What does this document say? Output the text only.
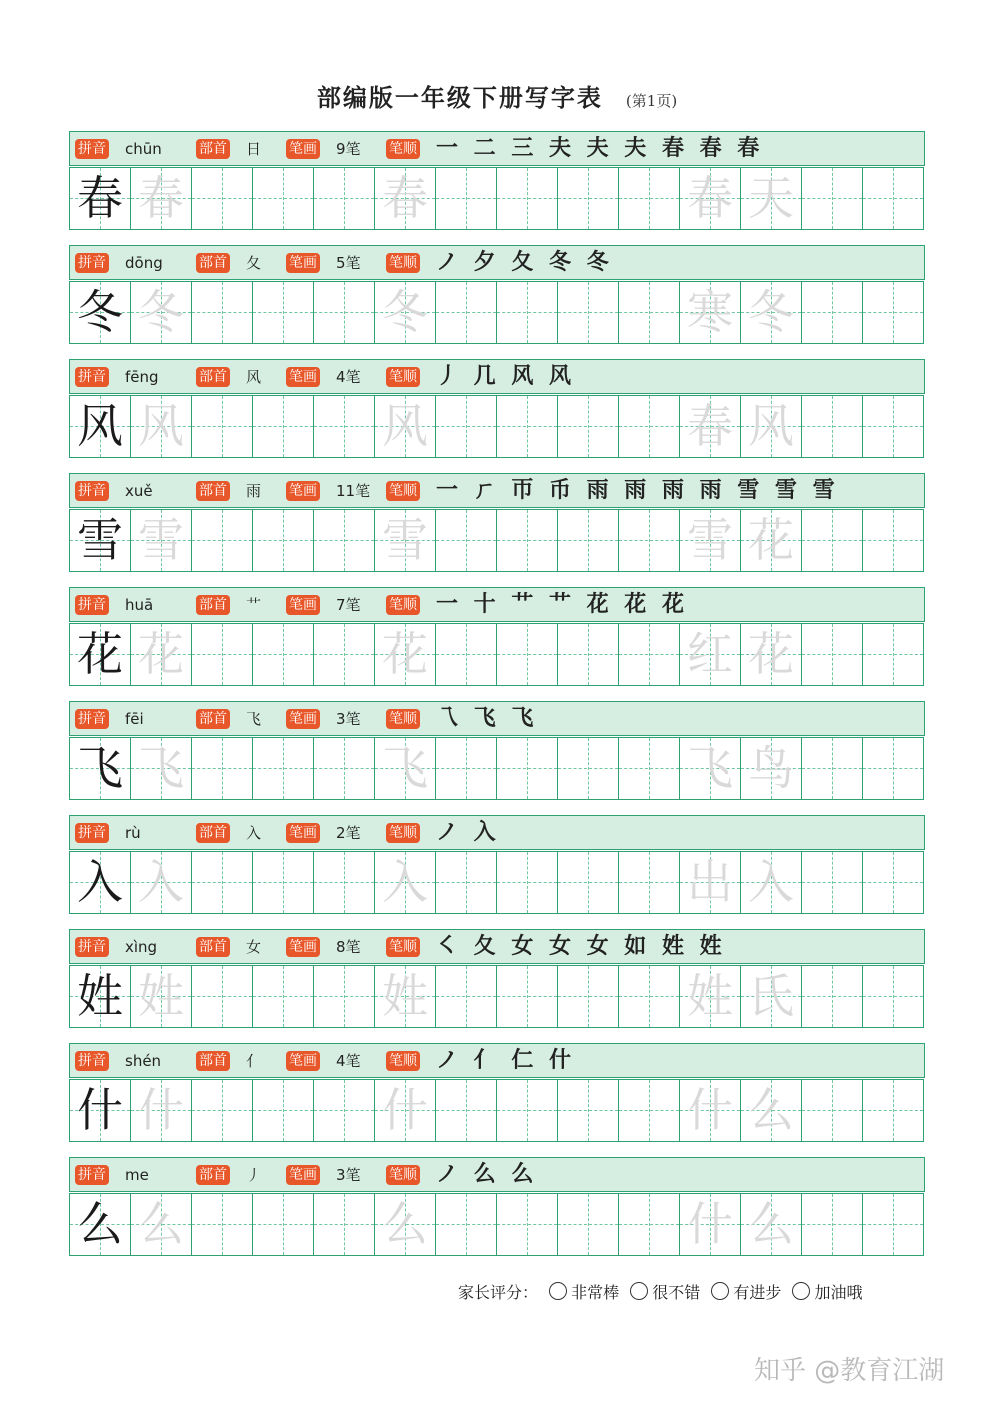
部编版一年级下册写字表 (第1页)
拼音	部首	笔画	笔顺
chūn	日	9笔	一 二 三 夫 夫 夫 春 春 春
春 春	春	春 天
拼音	部首	笔画	笔顺
dōng	夂	5笔	ノ 夕 夂 冬 冬
冬 冬	冬	寒 冬
拼音	部首	笔画	笔顺
fēng	风	4笔	丿 几 风 风
风 风	风	春 风
拼音	部首	笔画	笔顺
xuě	雨	11笔	一 ㄏ 帀 币 雨 雨 雨 雨 雪 雪 雪
雪 雪	雪	雪 花
拼音	部首	笔画	笔顺
huā	艹	7笔	一 十 艹 艹 花 花 花
花 花	花	红 花
拼音	部首	笔画	笔顺
fēi	飞	3笔	乁 飞 飞
飞 飞	飞	飞 鸟
拼音	部首	笔画	笔顺
rù	入	2笔	ノ 入
入 入	入	出 入
拼音	部首	笔画	笔顺
xìng	女	8笔	㇛ 夂 女 女 女 如 姓 姓
姓 姓	姓	姓 氏
拼音	部首	笔画	笔顺
shén	亻	4笔	ノ 亻 仁 什
什 什	什	什 么
拼音	部首	笔画	笔顺
me	丿	3笔	ノ 么 么
么 么	么	什 么
家长评分： 非常棒 很不错 有进步 加油哦
知乎 @教育江湖
